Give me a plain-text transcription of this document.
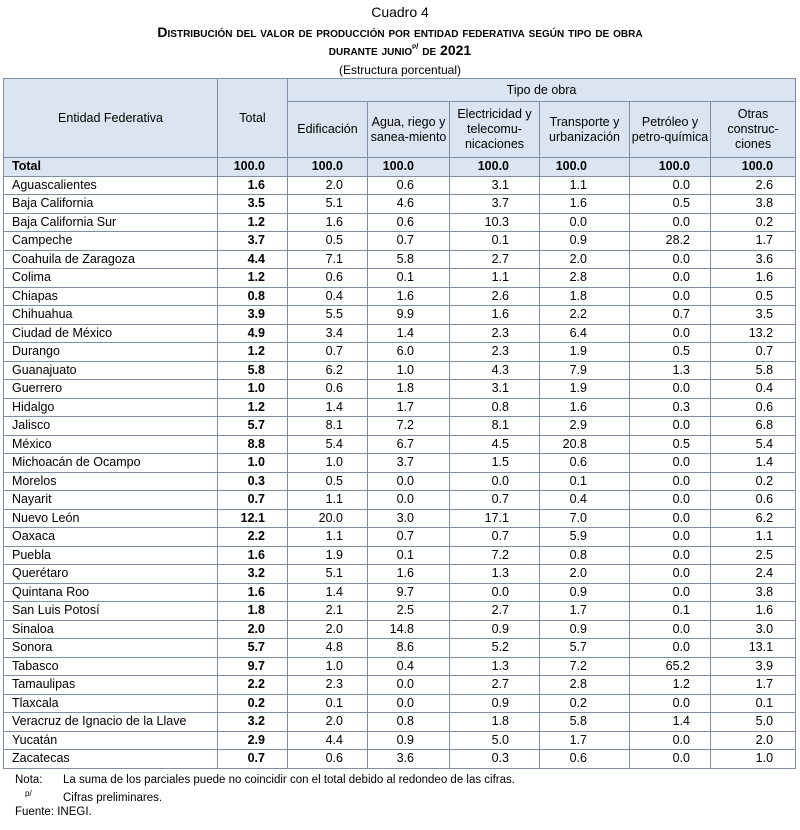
Cuadro 4
Distribución del valor de producción por entidad federativa según tipo de obra
durante junio$^{p/}$ de 2021
(Estructura porcentual)
Entidad Federativa	Total	Tipo de obra					
		Edificación	Agua, riego y sanea-miento	Electricidad y telecomu-nicaciones	Transporte y urbanización	Petróleo y petro-química	Otras construc-ciones
Total	100.0	100.0	100.0	100.0	100.0	100.0	100.0
Aguascalientes	1.6	2.0	0.6	3.1	1.1	0.0	2.6
Baja California	3.5	5.1	4.6	3.7	1.6	0.5	3.8
Baja California Sur	1.2	1.6	0.6	10.3	0.0	0.0	0.2
Campeche	3.7	0.5	0.7	0.1	0.9	28.2	1.7
Coahuila de Zaragoza	4.4	7.1	5.8	2.7	2.0	0.0	3.6
Colima	1.2	0.6	0.1	1.1	2.8	0.0	1.6
Chiapas	0.8	0.4	1.6	2.6	1.8	0.0	0.5
Chihuahua	3.9	5.5	9.9	1.6	2.2	0.7	3.5
Ciudad de México	4.9	3.4	1.4	2.3	6.4	0.0	13.2
Durango	1.2	0.7	6.0	2.3	1.9	0.5	0.7
Guanajuato	5.8	6.2	1.0	4.3	7.9	1.3	5.8
Guerrero	1.0	0.6	1.8	3.1	1.9	0.0	0.4
Hidalgo	1.2	1.4	1.7	0.8	1.6	0.3	0.6
Jalisco	5.7	8.1	7.2	8.1	2.9	0.0	6.8
México	8.8	5.4	6.7	4.5	20.8	0.5	5.4
Michoacán de Ocampo	1.0	1.0	3.7	1.5	0.6	0.0	1.4
Morelos	0.3	0.5	0.0	0.0	0.1	0.0	0.2
Nayarit	0.7	1.1	0.0	0.7	0.4	0.0	0.6
Nuevo León	12.1	20.0	3.0	17.1	7.0	0.0	6.2
Oaxaca	2.2	1.1	0.7	0.7	5.9	0.0	1.1
Puebla	1.6	1.9	0.1	7.2	0.8	0.0	2.5
Querétaro	3.2	5.1	1.6	1.3	2.0	0.0	2.4
Quintana Roo	1.6	1.4	9.7	0.0	0.9	0.0	3.8
San Luis Potosí	1.8	2.1	2.5	2.7	1.7	0.1	1.6
Sinaloa	2.0	2.0	14.8	0.9	0.9	0.0	3.0
Sonora	5.7	4.8	8.6	5.2	5.7	0.0	13.1
Tabasco	9.7	1.0	0.4	1.3	7.2	65.2	3.9
Tamaulipas	2.2	2.3	0.0	2.7	2.8	1.2	1.7
Tlaxcala	0.2	0.1	0.0	0.9	0.2	0.0	0.1
Veracruz de Ignacio de la Llave	3.2	2.0	0.8	1.8	5.8	1.4	5.0
Yucatán	2.9	4.4	0.9	5.0	1.7	0.0	2.0
Zacatecas	0.7	0.6	3.6	0.3	0.6	0.0	1.0
Nota: La suma de los parciales puede no coincidir con el total debido al redondeo de las cifras.
$^{p/}$	Cifras preliminares.
Fuente: INEGI.
